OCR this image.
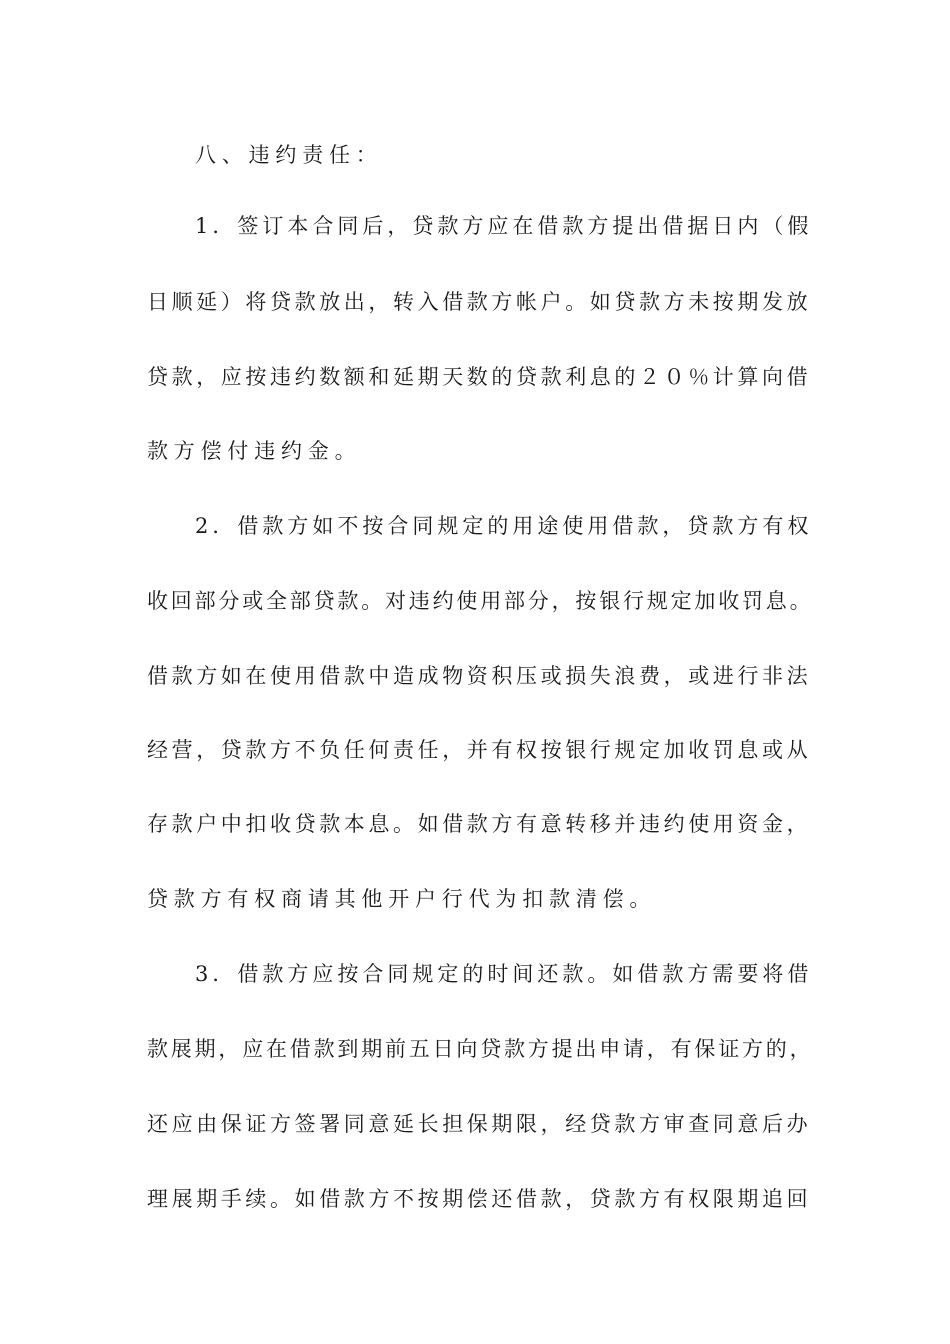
八、违约责任：
1．签订本合同后，贷款方应在借款方提出借据日内（假
日顺延）将贷款放出，转入借款方帐户。如贷款方未按期发放
贷款，应按违约数额和延期天数的贷款利息的２０％计算向借
款方偿付违约金。
2．借款方如不按合同规定的用途使用借款，贷款方有权
收回部分或全部贷款。对违约使用部分，按银行规定加收罚息。
借款方如在使用借款中造成物资积压或损失浪费，或进行非法
经营，贷款方不负任何责任，并有权按银行规定加收罚息或从
存款户中扣收贷款本息。如借款方有意转移并违约使用资金，
贷款方有权商请其他开户行代为扣款清偿。
3．借款方应按合同规定的时间还款。如借款方需要将借
款展期，应在借款到期前五日向贷款方提出申请，有保证方的，
还应由保证方签署同意延长担保期限，经贷款方审查同意后办
理展期手续。如借款方不按期偿还借款，贷款方有权限期追回
